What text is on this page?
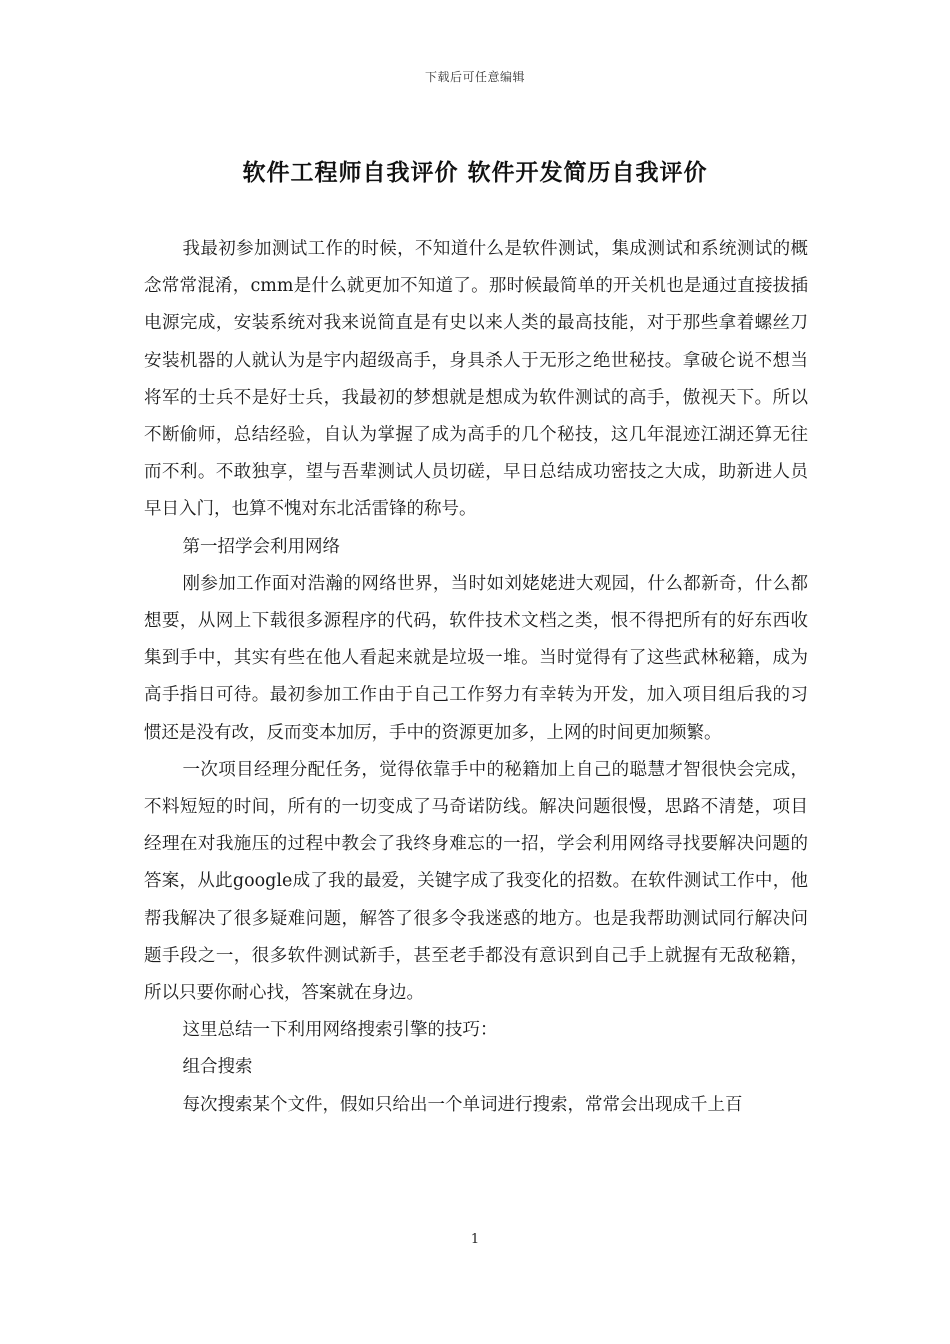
下载后可任意编辑
软件工程师自我评价 软件开发简历自我评价

我最初参加测试工作的时候，不知道什么是软件测试，集成测试和系统测试的概念常常混淆，cmm是什么就更加不知道了。那时候最简单的开关机也是通过直接拔插电源完成，安装系统对我来说简直是有史以来人类的最高技能，对于那些拿着螺丝刀安装机器的人就认为是宇内超级高手，身具杀人于无形之绝世秘技。拿破仑说不想当将军的士兵不是好士兵，我最初的梦想就是想成为软件测试的高手，傲视天下。所以不断偷师，总结经验，自认为掌握了成为高手的几个秘技，这几年混迹江湖还算无往而不利。不敢独享，望与吾辈测试人员切磋，早日总结成功密技之大成，助新进人员早日入门，也算不愧对东北活雷锋的称号。

第一招学会利用网络

刚参加工作面对浩瀚的网络世界，当时如刘姥姥进大观园，什么都新奇，什么都想要，从网上下载很多源程序的代码，软件技术文档之类，恨不得把所有的好东西收集到手中，其实有些在他人看起来就是垃圾一堆。当时觉得有了这些武林秘籍，成为高手指日可待。最初参加工作由于自己工作努力有幸转为开发，加入项目组后我的习惯还是没有改，反而变本加厉，手中的资源更加多，上网的时间更加频繁。

一次项目经理分配任务，觉得依靠手中的秘籍加上自己的聪慧才智很快会完成，不料短短的时间，所有的一切变成了马奇诺防线。解决问题很慢，思路不清楚，项目经理在对我施压的过程中教会了我终身难忘的一招，学会利用网络寻找要解决问题的答案，从此google成了我的最爱，关键字成了我变化的招数。在软件测试工作中，他帮我解决了很多疑难问题，解答了很多令我迷惑的地方。也是我帮助测试同行解决问题手段之一，很多软件测试新手，甚至老手都没有意识到自己手上就握有无敌秘籍，所以只要你耐心找，答案就在身边。

这里总结一下利用网络搜索引擎的技巧：

组合搜索

每次搜索某个文件，假如只给出一个单词进行搜索，常常会出现成千上百

1
